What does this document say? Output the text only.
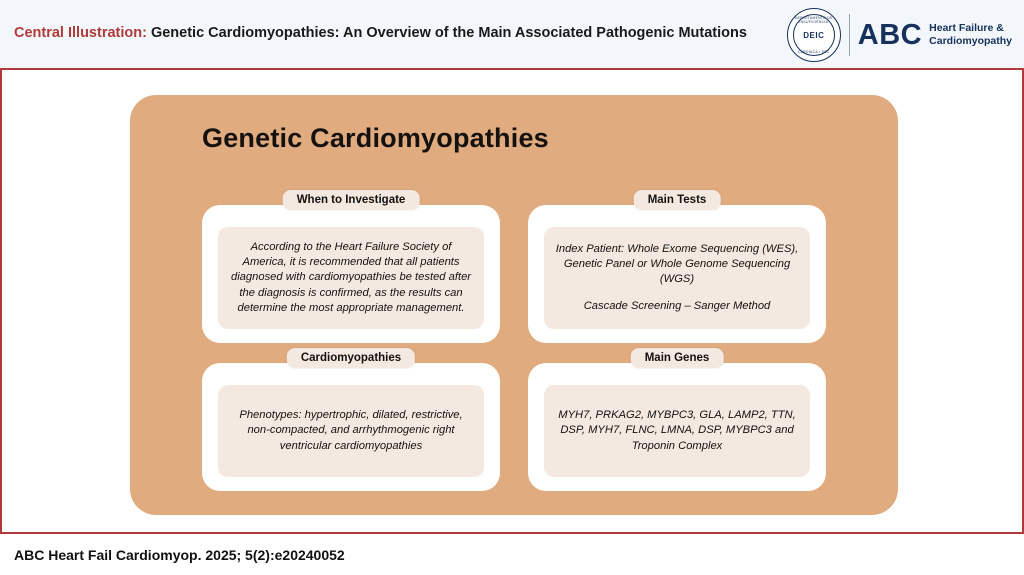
Central Illustration: Genetic Cardiomyopathies: An Overview of the Main Associated Pathogenic Mutations
DEPARTAMENTO DE INSUFICIÊNCIA
DEIC
CARDÍACA • SBC
ABC Heart Failure &
Cardiomyopathy
Genetic Cardiomyopathies
When to Investigate
According to the Heart Failure Society of America, it is recommended that all patients diagnosed with cardiomyopathies be tested after the diagnosis is confirmed, as the results can determine the most appropriate management.
Main Tests
Index Patient: Whole Exome Sequencing (WES), Genetic Panel or Whole Genome Sequencing (WGS)
Cascade Screening – Sanger Method
Cardiomyopathies
Phenotypes: hypertrophic, dilated, restrictive, non-compacted, and arrhythmogenic right ventricular cardiomyopathies
Main Genes
MYH7, PRKAG2, MYBPC3, GLA, LAMP2, TTN, DSP, MYH7, FLNC, LMNA, DSP, MYBPC3 and Troponin Complex
ABC Heart Fail Cardiomyop. 2025; 5(2):e20240052
